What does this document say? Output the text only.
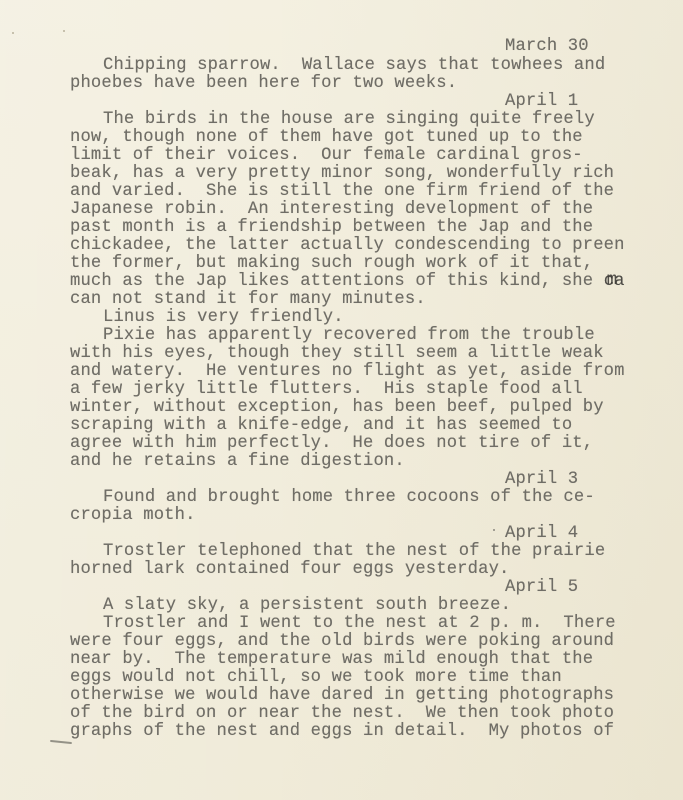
March 30
Chipping sparrow.  Wallace says that towhees and
phoebes have been here for two weeks.
April 1
The birds in the house are singing quite freely
now, though none of them have got tuned up to the
limit of their voices.  Our female cardinal gros-
beak, has a very pretty minor song, wonderfully rich
and varied.  She is still the one firm friend of the
Japanese robin.  An interesting development of the
past month is a friendship between the Jap and the
chickadee, the latter actually condescending to preen
the former, but making such rough work of it that,
much as the Jap likes attentions of this kind, she ca m
can not stand it for many minutes.
Linus is very friendly.
Pixie has apparently recovered from the trouble
with his eyes, though they still seem a little weak
and watery.  He ventures no flight as yet, aside from
a few jerky little flutters.  His staple food all
winter, without exception, has been beef, pulped by
scraping with a knife-edge, and it has seemed to
agree with him perfectly.  He does not tire of it,
and he retains a fine digestion.
April 3
Found and brought home three cocoons of the ce-
cropia moth.
April 4
Trostler telephoned that the nest of the prairie
horned lark contained four eggs yesterday.
April 5
A slaty sky, a persistent south breeze.
Trostler and I went to the nest at 2 p. m.  There
were four eggs, and the old birds were poking around
near by.  The temperature was mild enough that the
eggs would not chill, so we took more time than
otherwise we would have dared in getting photographs
of the bird on or near the nest.  We then took photo
graphs of the nest and eggs in detail.  My photos of
